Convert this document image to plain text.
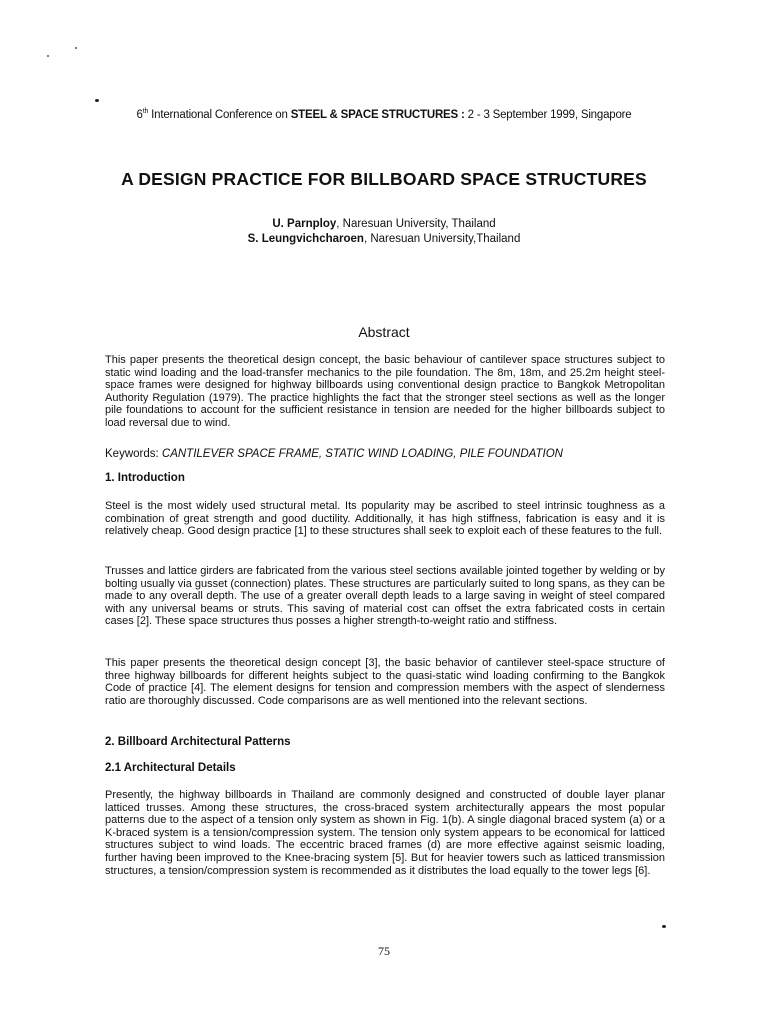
6th International Conference on STEEL & SPACE STRUCTURES : 2 - 3 September 1999, Singapore
A DESIGN PRACTICE FOR BILLBOARD SPACE STRUCTURES
U. Parnploy, Naresuan University, Thailand
S. Leungvichcharoen, Naresuan University,Thailand
Abstract

This paper presents the theoretical design concept, the basic behaviour of cantilever space structures subject to static wind loading and the load-transfer mechanics to the pile foundation. The 8m, 18m, and 25.2m height steel-space frames were designed for highway billboards using conventional design practice to Bangkok Metropolitan Authority Regulation (1979). The practice highlights the fact that the stronger steel sections as well as the longer pile foundations to account for the sufficient resistance in tension are needed for the higher billboards subject to load reversal due to wind.

Keywords: CANTILEVER SPACE FRAME, STATIC WIND LOADING, PILE FOUNDATION

1. Introduction

Steel is the most widely used structural metal. Its popularity may be ascribed to steel intrinsic toughness as a combination of great strength and good ductility. Additionally, it has high stiffness, fabrication is easy and it is relatively cheap. Good design practice [1] to these structures shall seek to exploit each of these features to the full.

Trusses and lattice girders are fabricated from the various steel sections available jointed together by welding or by bolting usually via gusset (connection) plates. These structures are particularly suited to long spans, as they can be made to any overall depth. The use of a greater overall depth leads to a large saving in weight of steel compared with any universal beams or struts. This saving of material cost can offset the extra fabricated costs in certain cases [2]. These space structures thus posses a higher strength-to-weight ratio and stiffness.

This paper presents the theoretical design concept [3], the basic behavior of cantilever steel-space structure of three highway billboards for different heights subject to the quasi-static wind loading confirming to the Bangkok Code of practice [4]. The element designs for tension and compression members with the aspect of slenderness ratio are thoroughly discussed. Code comparisons are as well mentioned into the relevant sections.

2. Billboard Architectural Patterns

2.1 Architectural Details

Presently, the highway billboards in Thailand are commonly designed and constructed of double layer planar latticed trusses. Among these structures, the cross-braced system architecturally appears the most popular patterns due to the aspect of a tension only system as shown in Fig. 1(b). A single diagonal braced system (a) or a K-braced system is a tension/compression system. The tension only system appears to be economical for latticed structures subject to wind loads. The eccentric braced frames (d) are more effective against seismic loading, further having been improved to the Knee-bracing system [5]. But for heavier towers such as latticed transmission structures, a tension/compression system is recommended as it distributes the load equally to the tower legs [6].

75
